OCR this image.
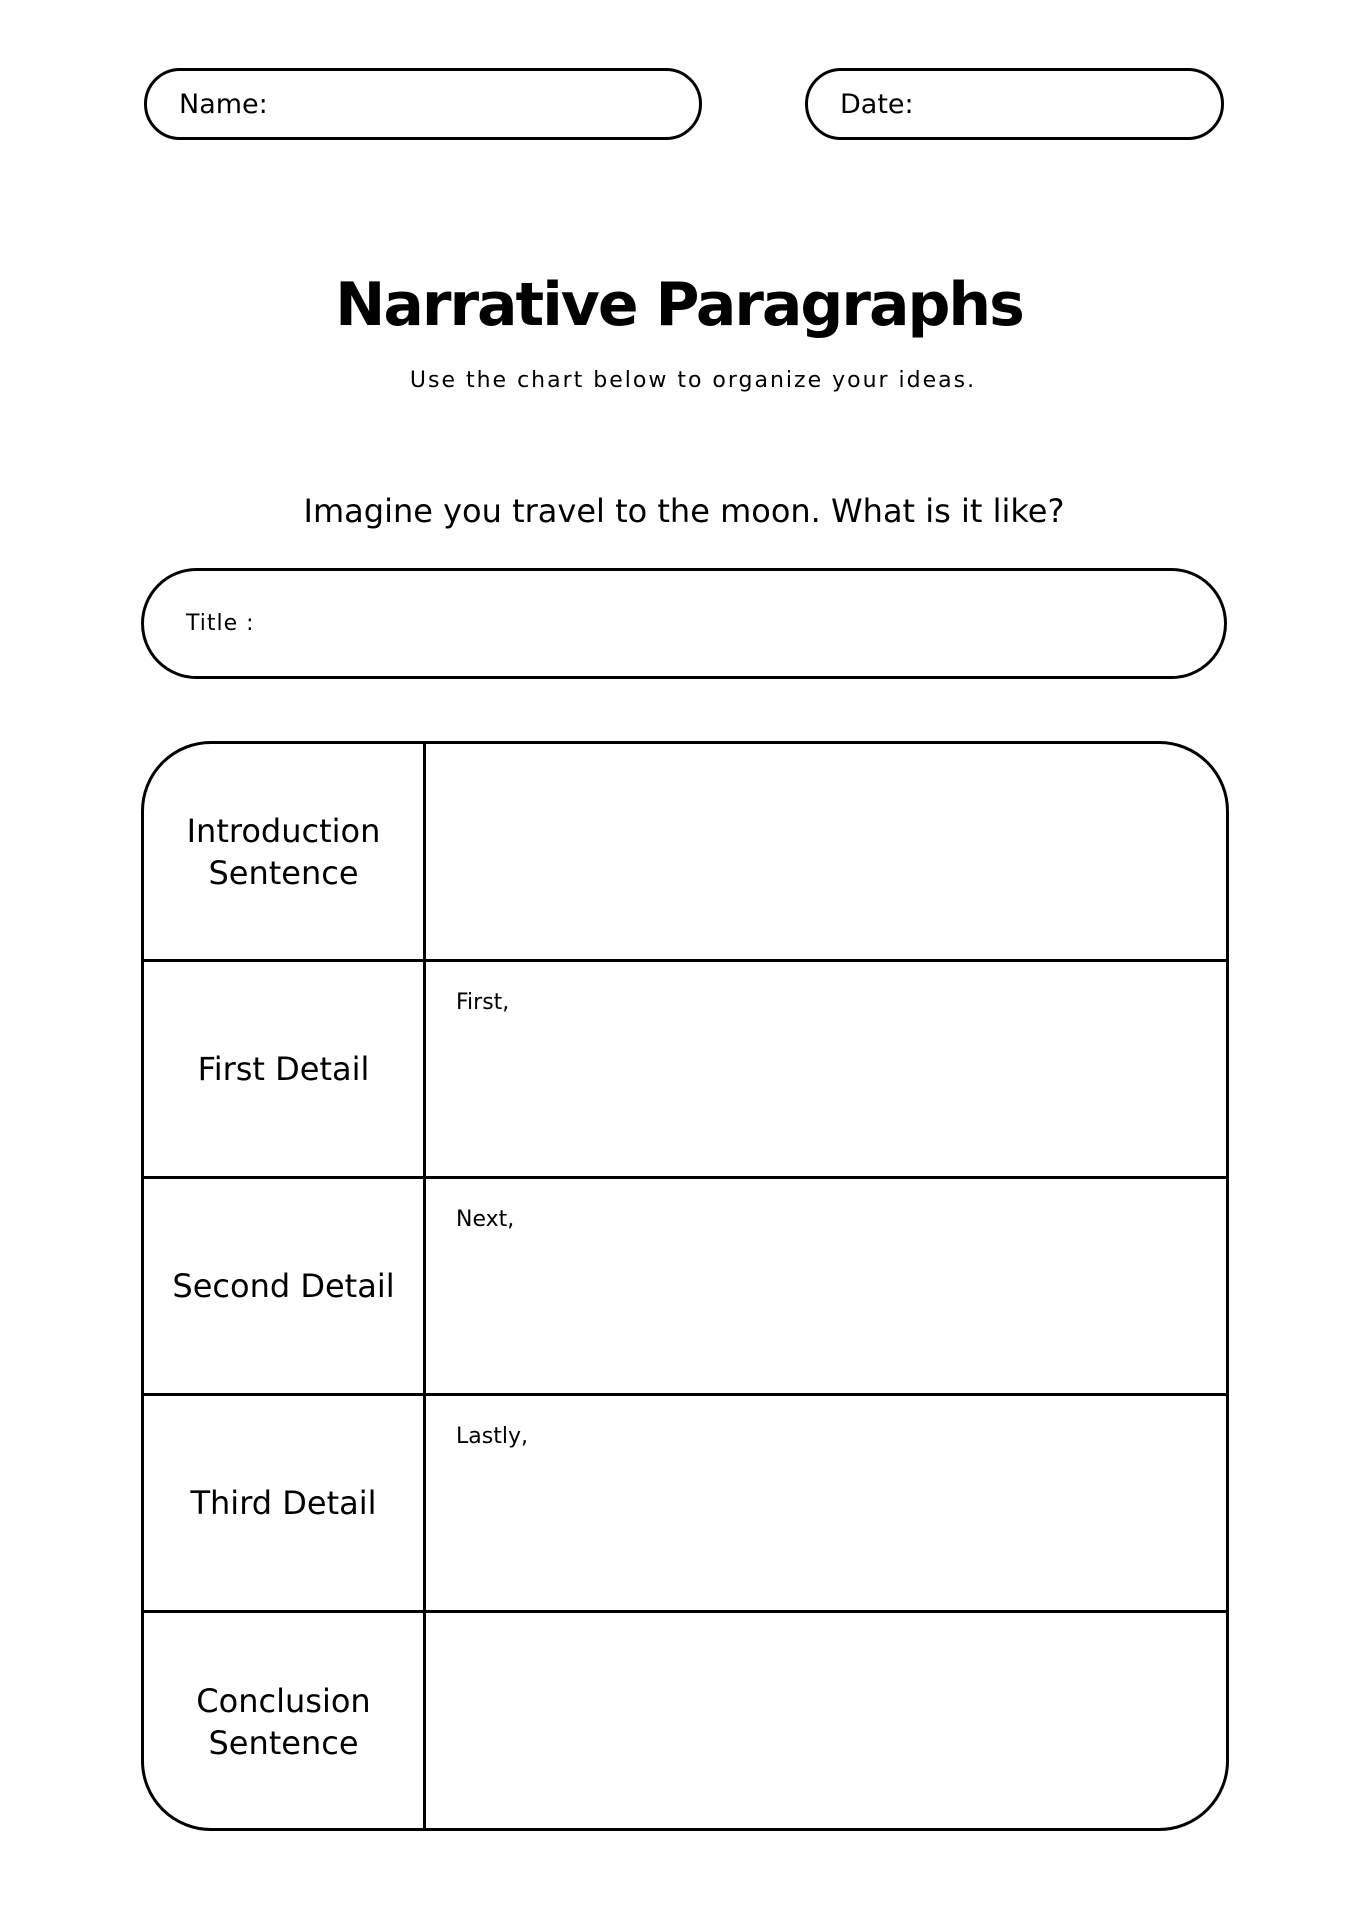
Name:	Date:
Narrative Paragraphs
Use the chart below to organize your ideas.
Imagine you travel to the moon. What is it like?
Title :
Introduction
Sentence
First Detail
First,
Second Detail
Next,
Third Detail
Lastly,
Conclusion
Sentence
